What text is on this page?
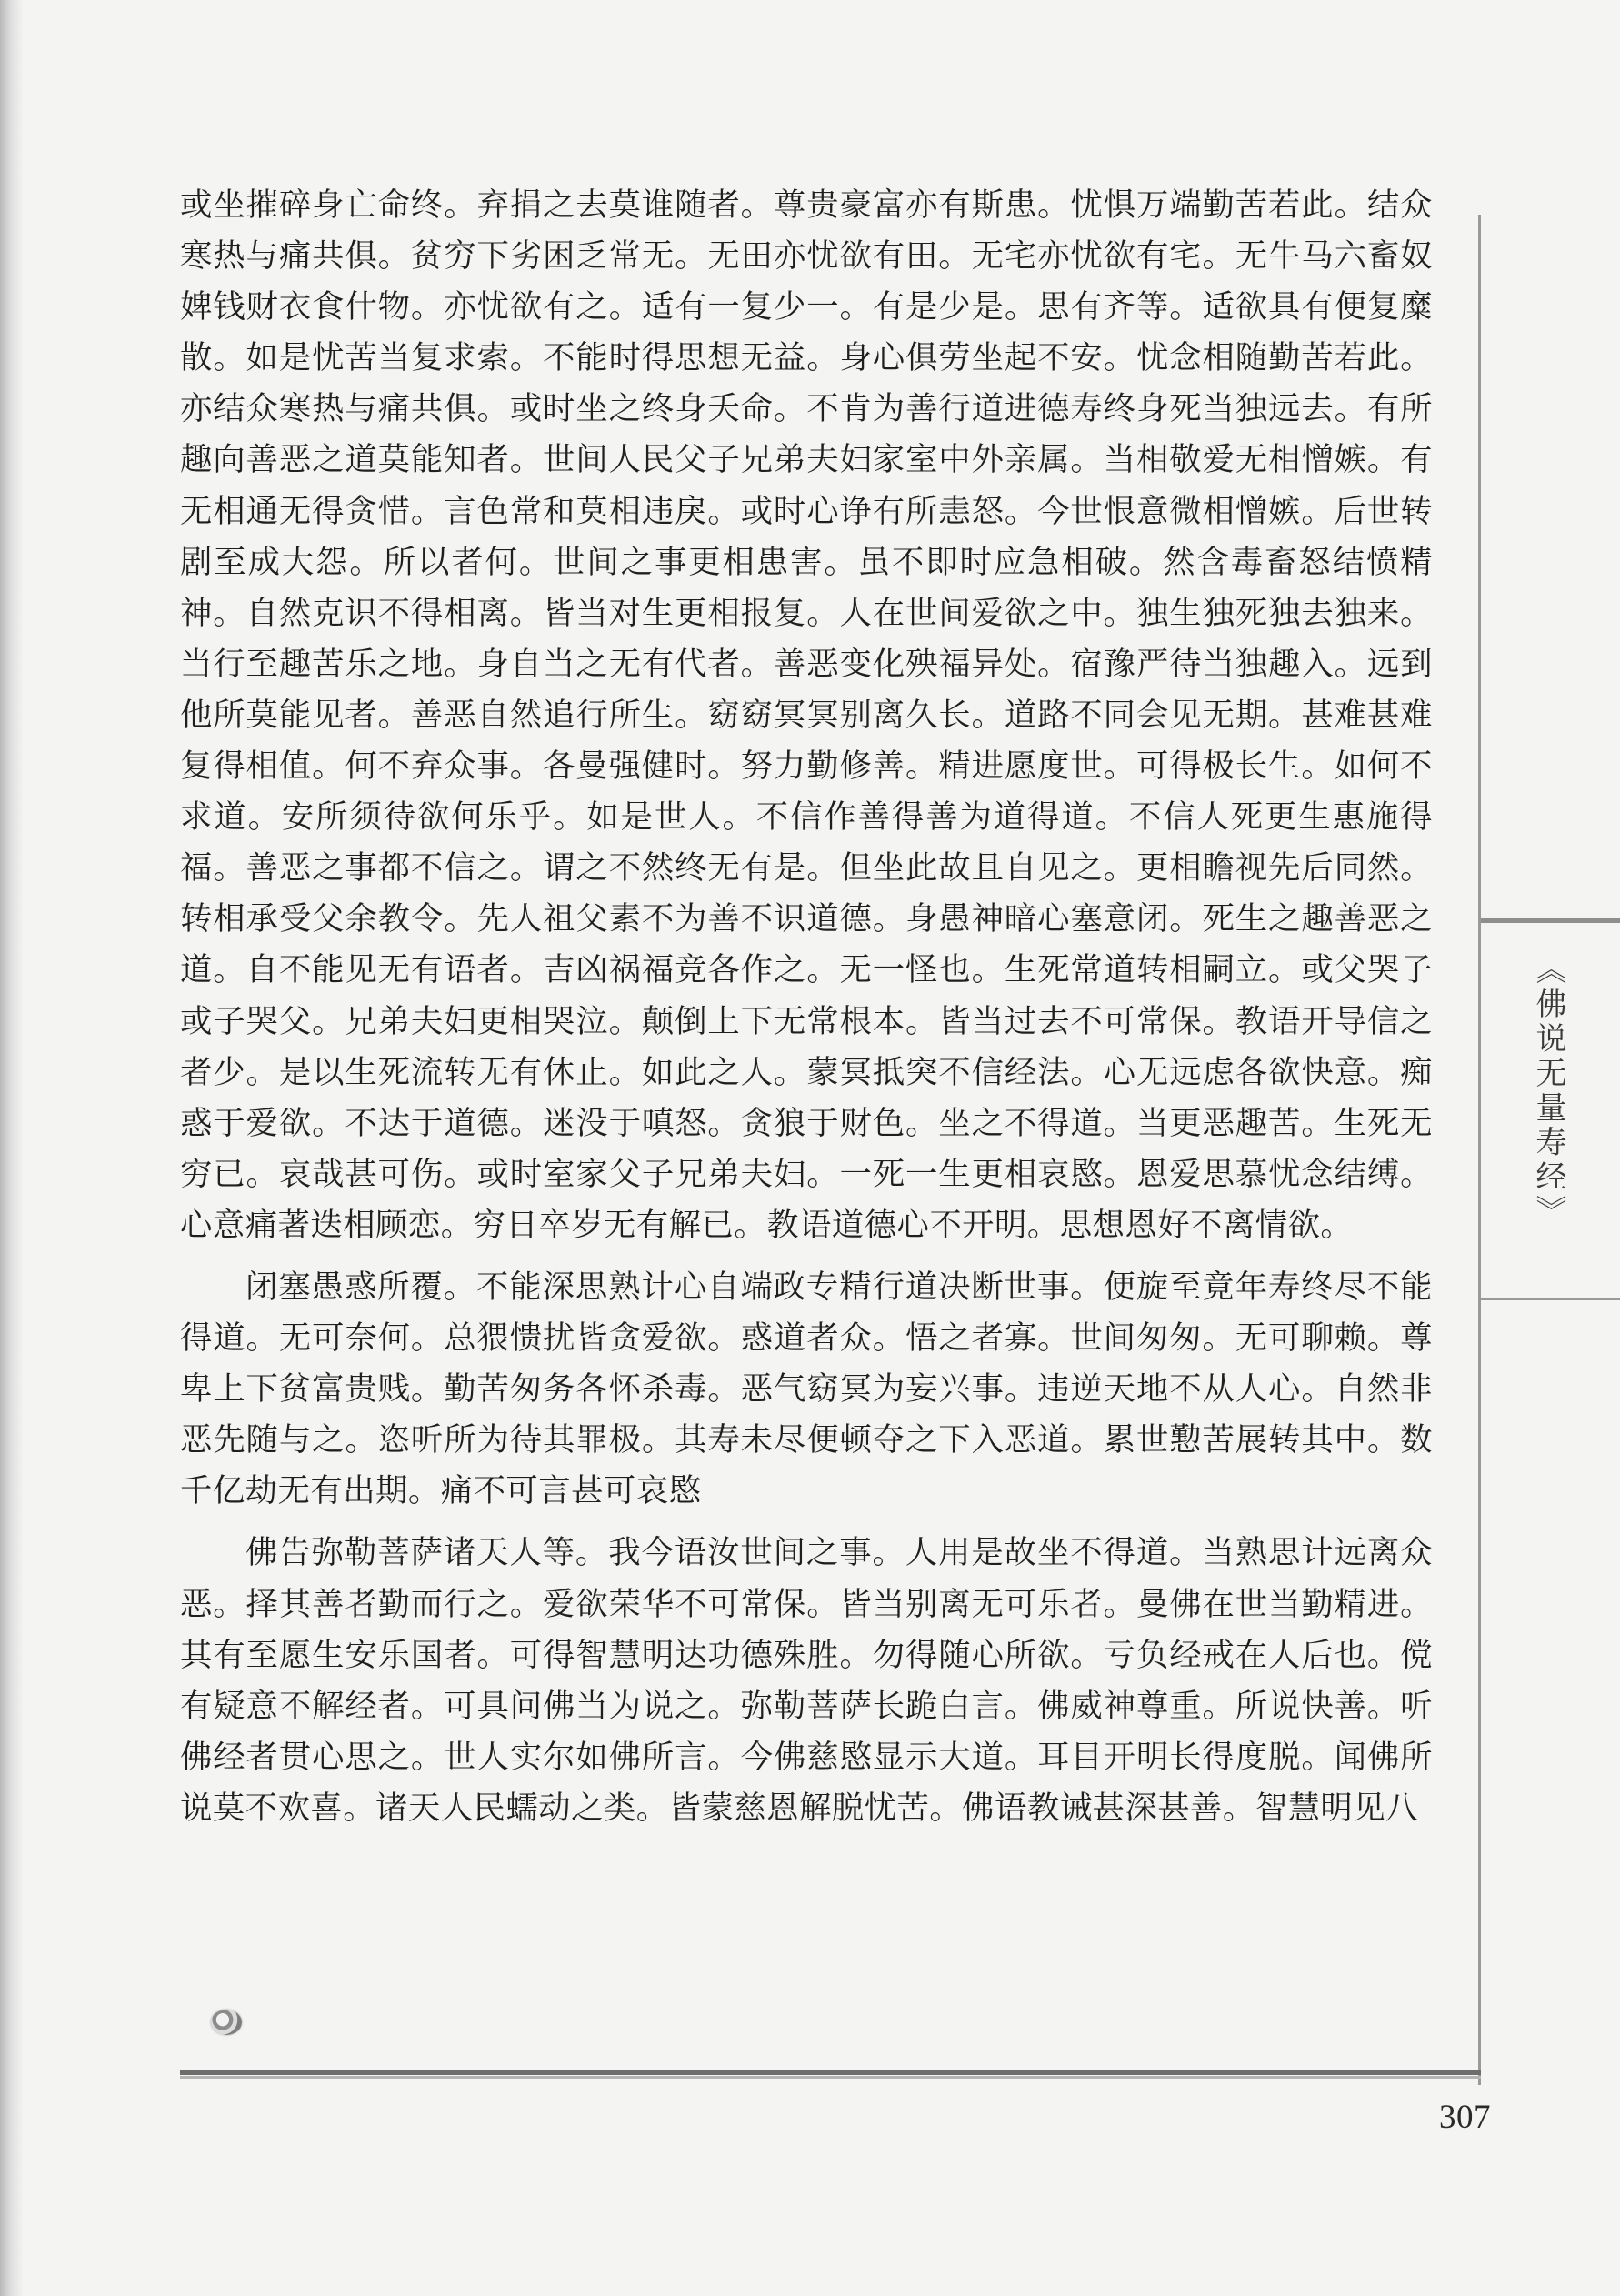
或坐摧碎身亡命终。弃捐之去莫谁随者。尊贵豪富亦有斯患。忧惧万端勤苦若此。结众寒热与痛共俱。贫穷下劣困乏常无。无田亦忧欲有田。无宅亦忧欲有宅。无牛马六畜奴婢钱财衣食什物。亦忧欲有之。适有一复少一。有是少是。思有齐等。适欲具有便复糜散。如是忧苦当复求索。不能时得思想无益。身心俱劳坐起不安。忧念相随勤苦若此。亦结众寒热与痛共俱。或时坐之终身夭命。不肯为善行道进德寿终身死当独远去。有所趣向善恶之道莫能知者。世间人民父子兄弟夫妇家室中外亲属。当相敬爱无相憎嫉。有无相通无得贪惜。言色常和莫相违戾。或时心诤有所恚怒。今世恨意微相憎嫉。后世转剧至成大怨。所以者何。世间之事更相患害。虽不即时应急相破。然含毒畜怒结愤精神。自然克识不得相离。皆当对生更相报复。人在世间爱欲之中。独生独死独去独来。当行至趣苦乐之地。身自当之无有代者。善恶变化殃福异处。宿豫严待当独趣入。远到他所莫能见者。善恶自然追行所生。窈窈冥冥别离久长。道路不同会见无期。甚难甚难复得相值。何不弃众事。各曼强健时。努力勤修善。精进愿度世。可得极长生。如何不求道。安所须待欲何乐乎。如是世人。不信作善得善为道得道。不信人死更生惠施得福。善恶之事都不信之。谓之不然终无有是。但坐此故且自见之。更相瞻视先后同然。转相承受父余教令。先人祖父素不为善不识道德。身愚神暗心塞意闭。死生之趣善恶之道。自不能见无有语者。吉凶祸福竞各作之。无一怪也。生死常道转相嗣立。或父哭子或子哭父。兄弟夫妇更相哭泣。颠倒上下无常根本。皆当过去不可常保。教语开导信之者少。是以生死流转无有休止。如此之人。蒙冥抵突不信经法。心无远虑各欲快意。痴惑于爱欲。不达于道德。迷没于嗔怒。贪狼于财色。坐之不得道。当更恶趣苦。生死无穷已。哀哉甚可伤。或时室家父子兄弟夫妇。一死一生更相哀愍。恩爱思慕忧念结缚。心意痛著迭相顾恋。穷日卒岁无有解已。教语道德心不开明。思想恩好不离情欲。

闭塞愚惑所覆。不能深思熟计心自端政专精行道决断世事。便旋至竟年寿终尽不能得道。无可奈何。总猥愦扰皆贪爱欲。惑道者众。悟之者寡。世间匆匆。无可聊赖。尊卑上下贫富贵贱。勤苦匆务各怀杀毒。恶气窈冥为妄兴事。违逆天地不从人心。自然非恶先随与之。恣听所为待其罪极。其寿未尽便顿夺之下入恶道。累世懃苦展转其中。数千亿劫无有出期。痛不可言甚可哀愍

佛告弥勒菩萨诸天人等。我今语汝世间之事。人用是故坐不得道。当熟思计远离众恶。择其善者勤而行之。爱欲荣华不可常保。皆当别离无可乐者。曼佛在世当勤精进。其有至愿生安乐国者。可得智慧明达功德殊胜。勿得随心所欲。亏负经戒在人后也。傥有疑意不解经者。可具问佛当为说之。弥勒菩萨长跪白言。佛威神尊重。所说快善。听佛经者贯心思之。世人实尔如佛所言。今佛慈愍显示大道。耳目开明长得度脱。闻佛所说莫不欢喜。诸天人民蠕动之类。皆蒙慈恩解脱忧苦。佛语教诫甚深甚善。智慧明见八

《佛说无量寿经》
307
